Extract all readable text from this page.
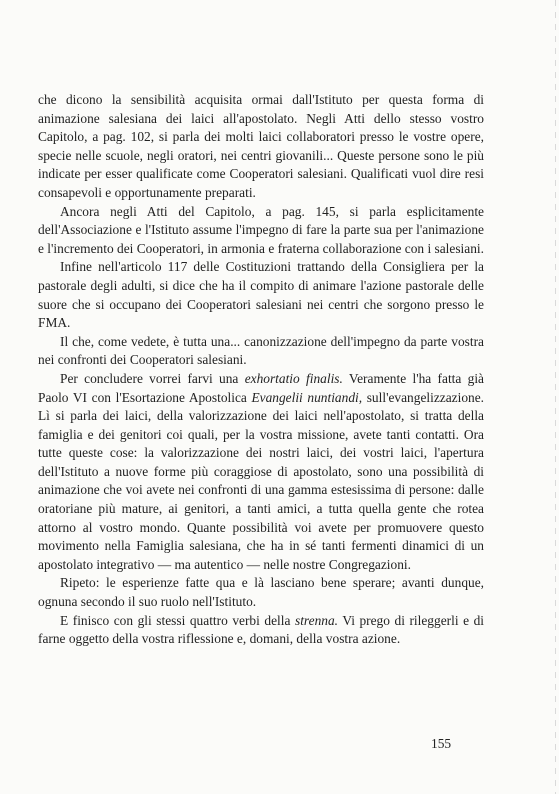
che dicono la sensibilità acquisita ormai dall'Istituto per questa forma di animazione salesiana dei laici all'apostolato. Negli Atti dello stesso vostro Capitolo, a pag. 102, si parla dei molti laici collaboratori presso le vostre opere, specie nelle scuole, negli oratori, nei centri giovanili... Queste persone sono le più indicate per esser qualificate come Cooperatori salesiani. Qualificati vuol dire resi consapevoli e opportunamente preparati.

Ancora negli Atti del Capitolo, a pag. 145, si parla esplicitamente dell'Associazione e l'Istituto assume l'impegno di fare la parte sua per l'animazione e l'incremento dei Cooperatori, in armonia e fraterna collaborazione con i salesiani.

Infine nell'articolo 117 delle Costituzioni trattando della Consigliera per la pastorale degli adulti, si dice che ha il compito di animare l'azione pastorale delle suore che si occupano dei Cooperatori salesiani nei centri che sorgono presso le FMA.

Il che, come vedete, è tutta una... canonizzazione dell'impegno da parte vostra nei confronti dei Cooperatori salesiani.

Per concludere vorrei farvi una exhortatio finalis. Veramente l'ha fatta già Paolo VI con l'Esortazione Apostolica Evangelii nuntiandi, sull'evangelizzazione. Lì si parla dei laici, della valorizzazione dei laici nell'apostolato, si tratta della famiglia e dei genitori coi quali, per la vostra missione, avete tanti contatti. Ora tutte queste cose: la valorizzazione dei nostri laici, dei vostri laici, l'apertura dell'Istituto a nuove forme più coraggiose di apostolato, sono una possibilità di animazione che voi avete nei confronti di una gamma estesissima di persone: dalle oratoriane più mature, ai genitori, a tanti amici, a tutta quella gente che rotea attorno al vostro mondo. Quante possibilità voi avete per promuovere questo movimento nella Famiglia salesiana, che ha in sé tanti fermenti dinamici di un apostolato integrativo — ma autentico — nelle nostre Congregazioni.

Ripeto: le esperienze fatte qua e là lasciano bene sperare; avanti dunque, ognuna secondo il suo ruolo nell'Istituto.

E finisco con gli stessi quattro verbi della strenna. Vi prego di rileggerli e di farne oggetto della vostra riflessione e, domani, della vostra azione.

155
